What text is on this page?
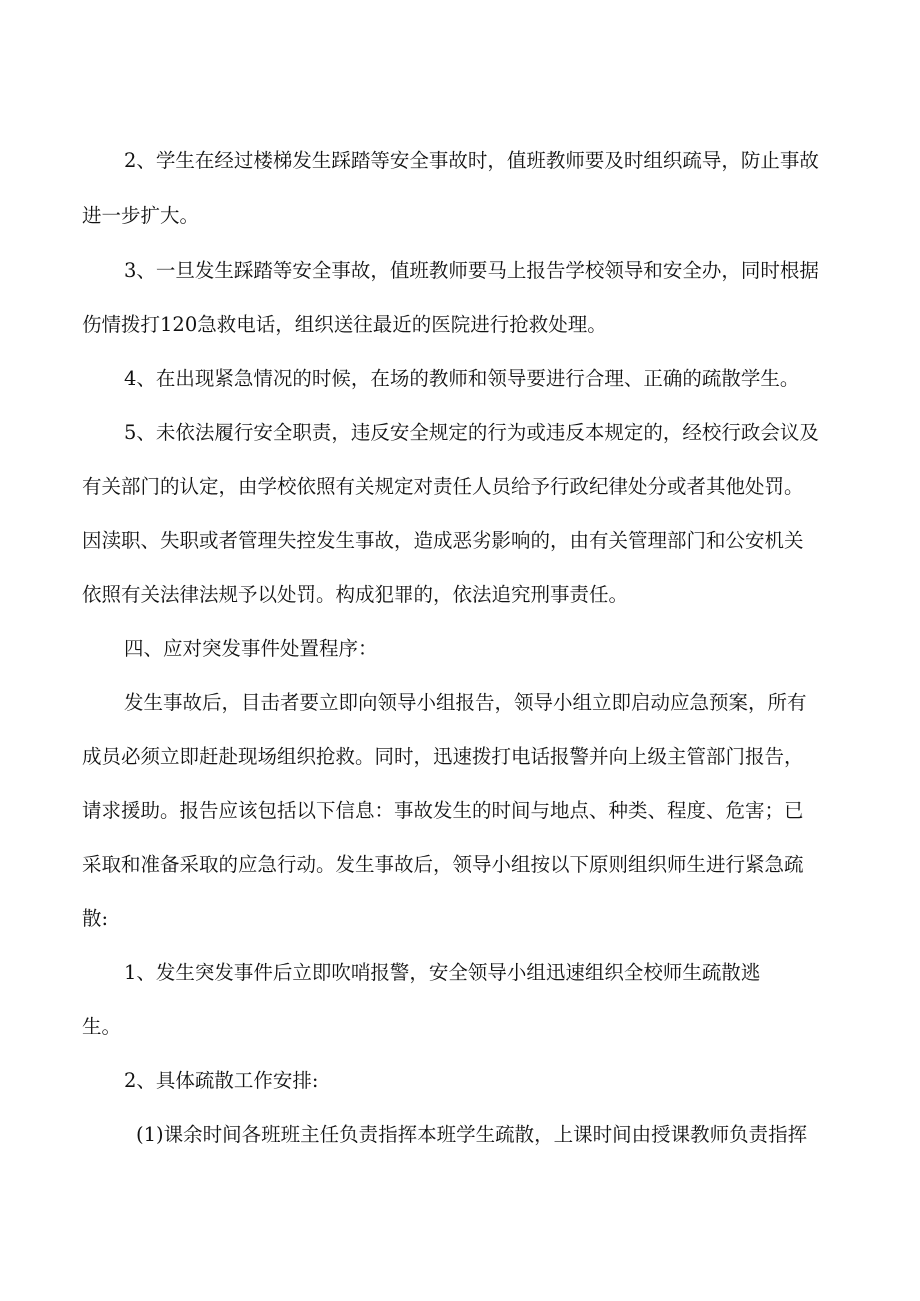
2、学生在经过楼梯发生踩踏等安全事故时，值班教师要及时组织疏导，防止事故
进一步扩大。
3、一旦发生踩踏等安全事故，值班教师要马上报告学校领导和安全办，同时根据
伤情拨打120急救电话，组织送往最近的医院进行抢救处理。
4、在出现紧急情况的时候，在场的教师和领导要进行合理、正确的疏散学生。
5、未依法履行安全职责，违反安全规定的行为或违反本规定的，经校行政会议及
有关部门的认定，由学校依照有关规定对责任人员给予行政纪律处分或者其他处罚。
因渎职、失职或者管理失控发生事故，造成恶劣影响的，由有关管理部门和公安机关
依照有关法律法规予以处罚。构成犯罪的，依法追究刑事责任。
四、应对突发事件处置程序：
发生事故后，目击者要立即向领导小组报告，领导小组立即启动应急预案，所有
成员必须立即赶赴现场组织抢救。同时，迅速拨打电话报警并向上级主管部门报告，
请求援助。报告应该包括以下信息：事故发生的时间与地点、种类、程度、危害；已
采取和准备采取的应急行动。发生事故后，领导小组按以下原则组织师生进行紧急疏
散:
1、发生突发事件后立即吹哨报警，安全领导小组迅速组织全校师生疏散逃
生。
2、具体疏散工作安排:
(1)课余时间各班班主任负责指挥本班学生疏散，上课时间由授课教师负责指挥
